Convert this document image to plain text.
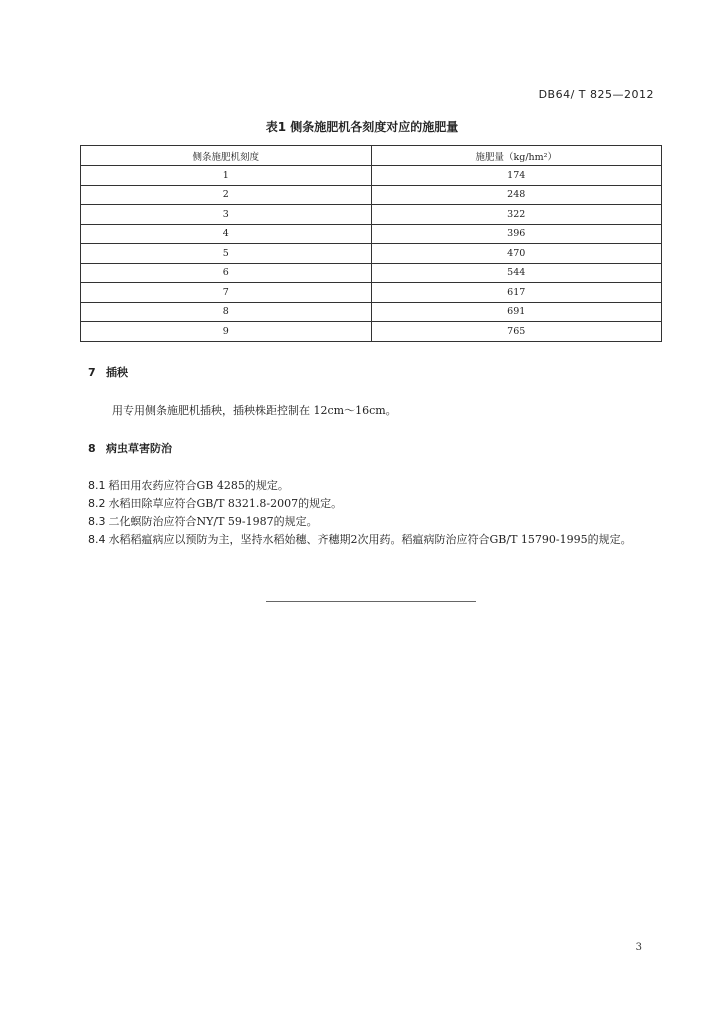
DB64/ T 825—2012
表1 侧条施肥机各刻度对应的施肥量
侧条施肥机刻度	施肥量（kg/hm²）
1	174
2	248
3	322
4	396
5	470
6	544
7	617
8	691
9	765
7 插秧
用专用侧条施肥机插秧，插秧株距控制在 12cm～16cm。
8 病虫草害防治
8.1 稻田用农药应符合GB 4285的规定。
8.2 水稻田除草应符合GB/T 8321.8-2007的规定。
8.3 二化螟防治应符合NY/T 59-1987的规定。
8.4 水稻稻瘟病应以预防为主，坚持水稻始穗、齐穗期2次用药。稻瘟病防治应符合GB/T 15790-1995的规定。
3
